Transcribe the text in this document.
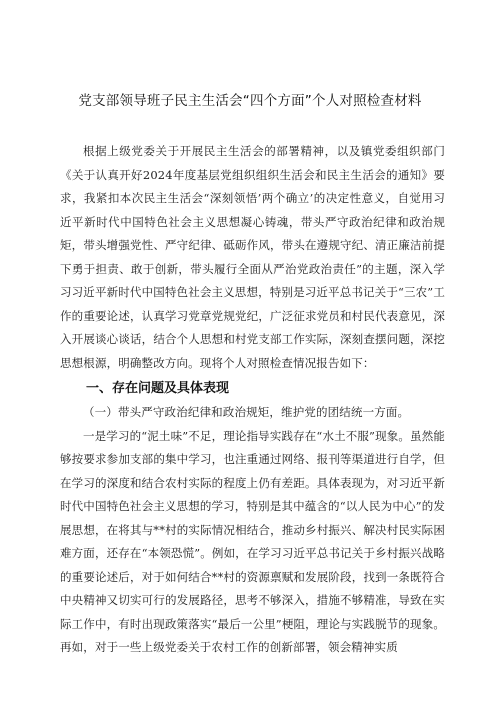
党支部领导班子民主生活会“四个方面”个人对照检查材料

根据上级党委关于开展民主生活会的部署精神，以及镇党委组织部门《关于认真开好2024年度基层党组织组织生活会和民主生活会的通知》要求，我紧扣本次民主生活会“深刻领悟’两个确立’的决定性意义，自觉用习近平新时代中国特色社会主义思想凝心铸魂，带头严守政治纪律和政治规矩，带头增强党性、严守纪律、砥砺作风，带头在遵规守纪、清正廉洁前提下勇于担责、敢于创新，带头履行全面从严治党政治责任”的主题，深入学习习近平新时代中国特色社会主义思想，特别是习近平总书记关于“三农”工作的重要论述，认真学习党章党规党纪，广泛征求党员和村民代表意见，深入开展谈心谈话，结合个人思想和村党支部工作实际，深刻查摆问题，深挖思想根源，明确整改方向。现将个人对照检查情况报告如下：

一、存在问题及具体表现

（一）带头严守政治纪律和政治规矩，维护党的团结统一方面。

一是学习的“泥土味”不足，理论指导实践存在“水土不服”现象。虽然能够按要求参加支部的集中学习，也注重通过网络、报刊等渠道进行自学，但在学习的深度和结合农村实际的程度上仍有差距。具体表现为，对习近平新时代中国特色社会主义思想的学习，特别是其中蕴含的“以人民为中心”的发展思想，在将其与**村的实际情况相结合，推动乡村振兴、解决村民实际困难方面，还存在“本领恐慌”。例如，在学习习近平总书记关于乡村振兴战略的重要论述后，对于如何结合**村的资源禀赋和发展阶段，找到一条既符合中央精神又切实可行的发展路径，思考不够深入，措施不够精准，导致在实际工作中，有时出现政策落实“最后一公里”梗阻，理论与实践脱节的现象。再如，对于一些上级党委关于农村工作的创新部署，领会精神实质
